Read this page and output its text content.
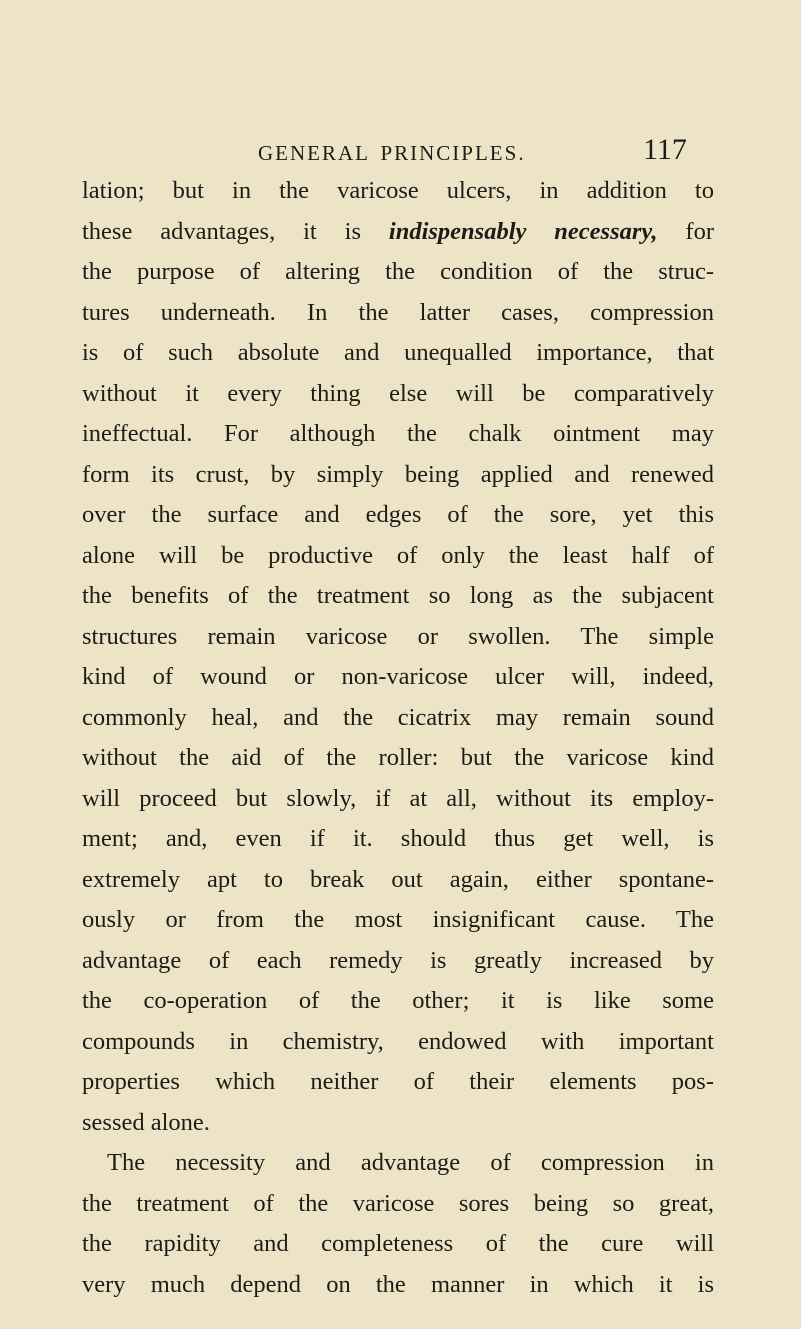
GENERAL PRINCIPLES.	117
lation; but in the varicose ulcers, in addition to
these advantages, it is indispensably necessary, for
the purpose of altering the condition of the struc-
tures underneath. In the latter cases, compression
is of such absolute and unequalled importance, that
without it every thing else will be comparatively
ineffectual. For although the chalk ointment may
form its crust, by simply being applied and renewed
over the surface and edges of the sore, yet this
alone will be productive of only the least half of
the benefits of the treatment so long as the subjacent
structures remain varicose or swollen. The simple
kind of wound or non-varicose ulcer will, indeed,
commonly heal, and the cicatrix may remain sound
without the aid of the roller: but the varicose kind
will proceed but slowly, if at all, without its employ-
ment; and, even if it. should thus get well, is
extremely apt to break out again, either spontane-
ously or from the most insignificant cause. The
advantage of each remedy is greatly increased by
the co-operation of the other; it is like some
compounds in chemistry, endowed with important
properties which neither of their elements pos-
sessed alone.
The necessity and advantage of compression in
the treatment of the varicose sores being so great,
the rapidity and completeness of the cure will
very much depend on the manner in which it is
